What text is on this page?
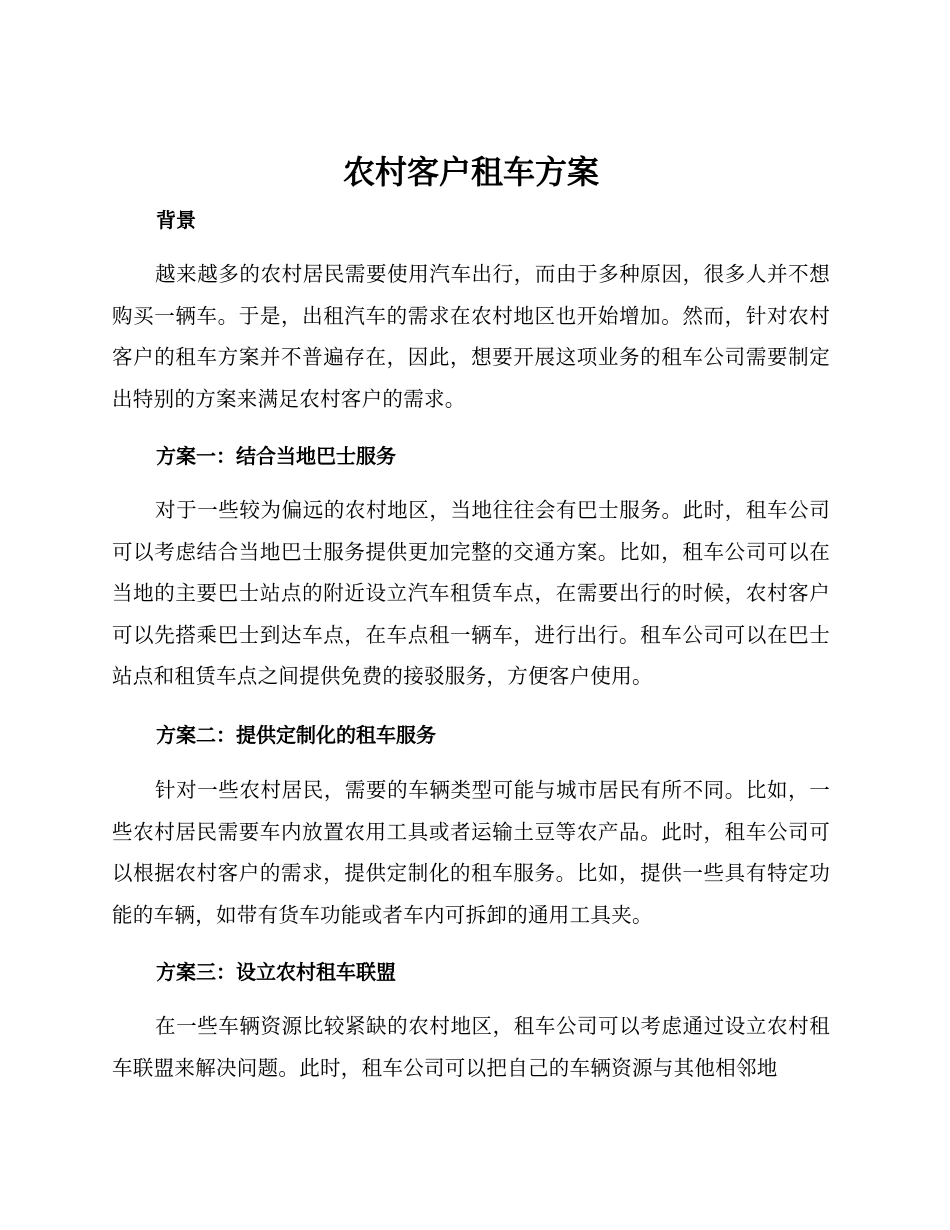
农村客户租车方案
背景

越来越多的农村居民需要使用汽车出行，而由于多种原因，很多人并不想购买一辆车。于是，出租汽车的需求在农村地区也开始增加。然而，针对农村客户的租车方案并不普遍存在，因此，想要开展这项业务的租车公司需要制定出特别的方案来满足农村客户的需求。

方案一：结合当地巴士服务

对于一些较为偏远的农村地区，当地往往会有巴士服务。此时，租车公司可以考虑结合当地巴士服务提供更加完整的交通方案。比如，租车公司可以在当地的主要巴士站点的附近设立汽车租赁车点，在需要出行的时候，农村客户可以先搭乘巴士到达车点，在车点租一辆车，进行出行。租车公司可以在巴士站点和租赁车点之间提供免费的接驳服务，方便客户使用。

方案二：提供定制化的租车服务

针对一些农村居民，需要的车辆类型可能与城市居民有所不同。比如，一些农村居民需要车内放置农用工具或者运输土豆等农产品。此时，租车公司可以根据农村客户的需求，提供定制化的租车服务。比如，提供一些具有特定功能的车辆，如带有货车功能或者车内可拆卸的通用工具夹。

方案三：设立农村租车联盟

在一些车辆资源比较紧缺的农村地区，租车公司可以考虑通过设立农村租车联盟来解决问题。此时，租车公司可以把自己的车辆资源与其他相邻地
